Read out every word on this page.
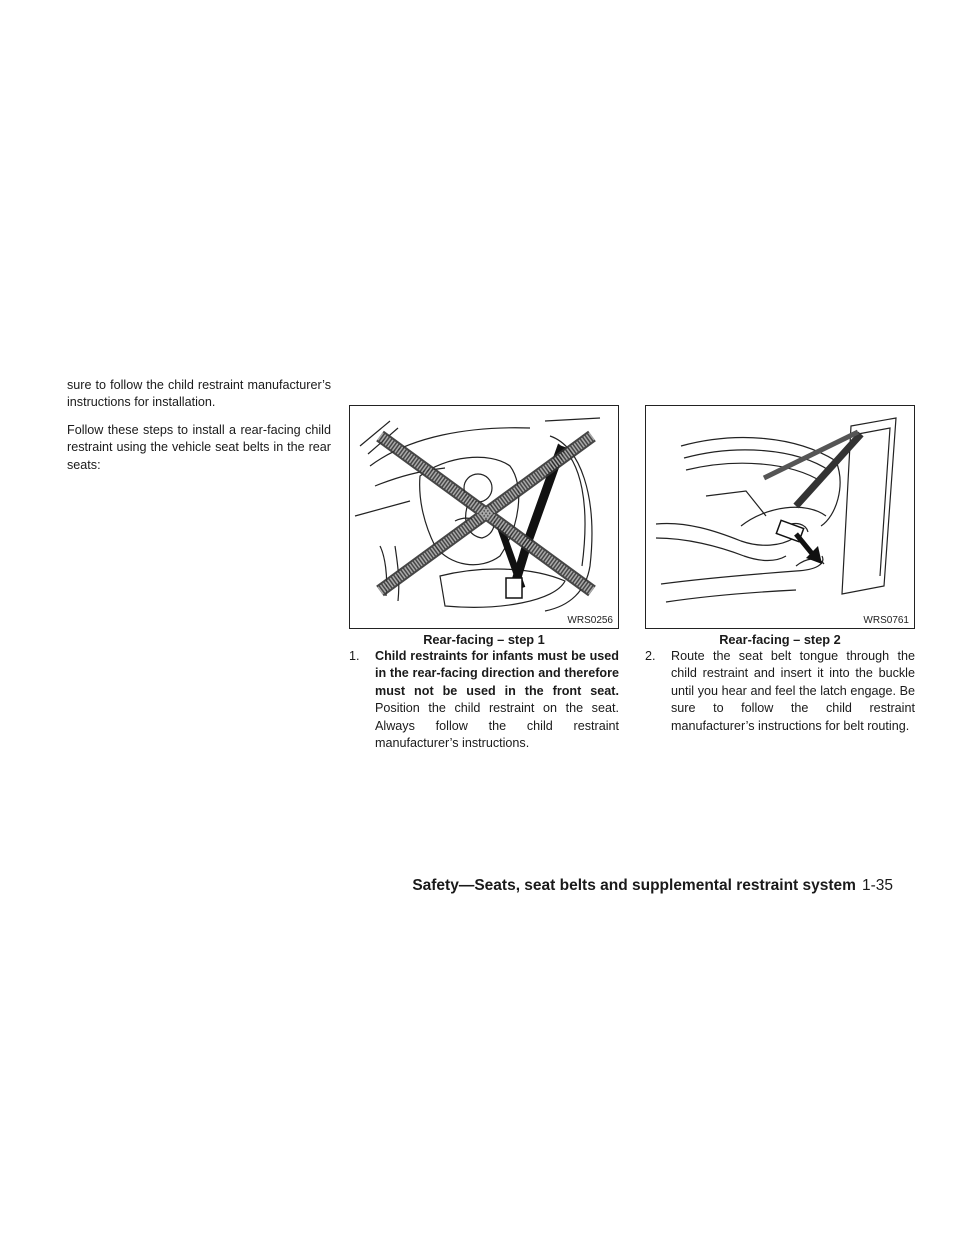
sure to follow the child restraint manufacturer’s instructions for installation.

Follow these steps to install a rear-facing child restraint using the vehicle seat belts in the rear seats:

WRS0256
Rear-facing – step 1
WRS0761
Rear-facing – step 2
1. Child restraints for infants must be used in the rear-facing direction and therefore must not be used in the front seat. Position the child restraint on the seat. Always follow the child restraint manufacturer’s instructions.
2. Route the seat belt tongue through the child restraint and insert it into the buckle until you hear and feel the latch engage. Be sure to follow the child restraint manufacturer’s instructions for belt routing.
Safety—Seats, seat belts and supplemental restraint system 1-35
